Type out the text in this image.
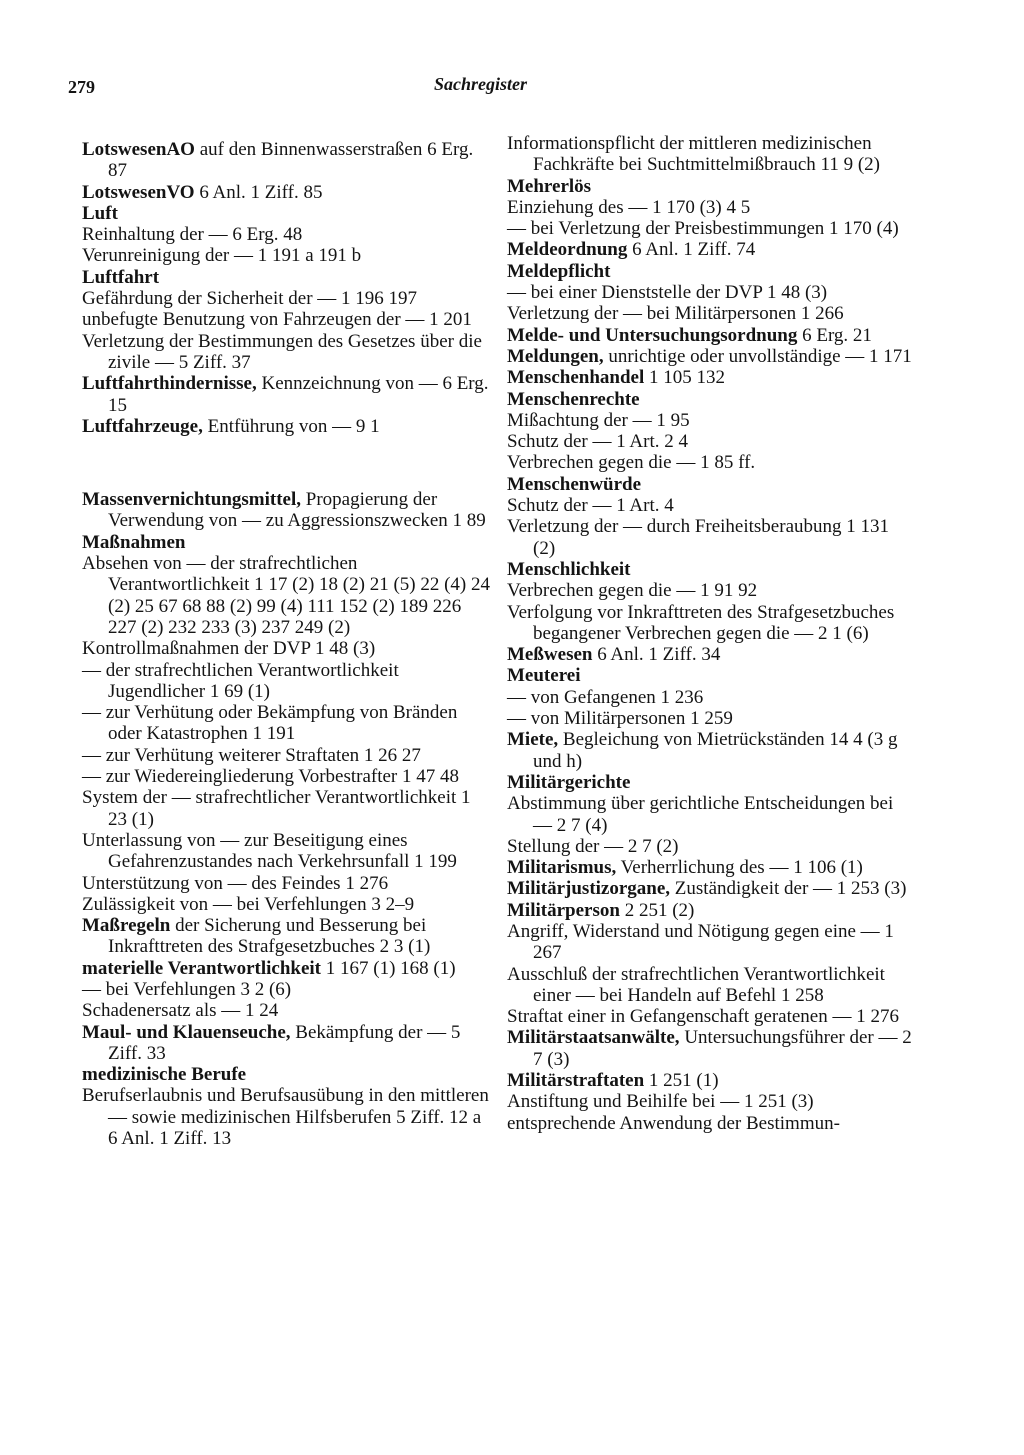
279	Sachregister

LotswesenAO auf den Binnenwasserstraßen 6 Erg. 87

LotswesenVO 6 Anl. 1 Ziff. 85

Luft

Reinhaltung der — 6 Erg. 48

Verunreinigung der — 1 191 a 191 b

Luftfahrt

Gefährdung der Sicherheit der — 1 196 197

unbefugte Benutzung von Fahrzeugen der — 1 201

Verletzung der Bestimmungen des Gesetzes über die zivile — 5 Ziff. 37

Luftfahrthindernisse, Kennzeichnung von — 6 Erg. 15

Luftfahrzeuge, Entführung von — 9 1

Massenvernichtungsmittel, Propagierung der Verwendung von — zu Aggressionszwecken 1 89

Maßnahmen

Absehen von — der strafrechtlichen Verantwortlichkeit 1 17 (2) 18 (2) 21 (5) 22 (4) 24 (2) 25 67 68 88 (2) 99 (4) 111 152 (2) 189 226 227 (2) 232 233 (3) 237 249 (2)

Kontrollmaßnahmen der DVP 1 48 (3)

— der strafrechtlichen Verantwortlichkeit Jugendlicher 1 69 (1)

— zur Verhütung oder Bekämpfung von Bränden oder Katastrophen 1 191

— zur Verhütung weiterer Straftaten 1 26 27

— zur Wiedereingliederung Vorbestrafter 1 47 48

System der — strafrechtlicher Verantwortlichkeit 1 23 (1)

Unterlassung von — zur Beseitigung eines Gefahrenzustandes nach Verkehrsunfall 1 199

Unterstützung von — des Feindes 1 276

Zulässigkeit von — bei Verfehlungen 3 2–9

Maßregeln der Sicherung und Besserung bei Inkrafttreten des Strafgesetzbuches 2 3 (1)

materielle Verantwortlichkeit 1 167 (1) 168 (1)

— bei Verfehlungen 3 2 (6)

Schadenersatz als — 1 24

Maul- und Klauenseuche, Bekämpfung der — 5 Ziff. 33

medizinische Berufe

Berufserlaubnis und Berufsausübung in den mittleren — sowie medizinischen Hilfsberufen 5 Ziff. 12 a 6 Anl. 1 Ziff. 13

Informationspflicht der mittleren medizinischen Fachkräfte bei Suchtmittelmißbrauch 11 9 (2)

Mehrerlös

Einziehung des — 1 170 (3) 4 5

— bei Verletzung der Preisbestimmungen 1 170 (4)

Meldeordnung 6 Anl. 1 Ziff. 74

Meldepflicht

— bei einer Dienststelle der DVP 1 48 (3)

Verletzung der — bei Militärpersonen 1 266

Melde- und Untersuchungsordnung 6 Erg. 21

Meldungen, unrichtige oder unvollständige — 1 171

Menschenhandel 1 105 132

Menschenrechte

Mißachtung der — 1 95

Schutz der — 1 Art. 2 4

Verbrechen gegen die — 1 85 ff.

Menschenwürde

Schutz der — 1 Art. 4

Verletzung der — durch Freiheitsberaubung 1 131 (2)

Menschlichkeit

Verbrechen gegen die — 1 91 92

Verfolgung vor Inkrafttreten des Strafgesetzbuches begangener Verbrechen gegen die — 2 1 (6)

Meßwesen 6 Anl. 1 Ziff. 34

Meuterei

— von Gefangenen 1 236

— von Militärpersonen 1 259

Miete, Begleichung von Mietrückständen 14 4 (3 g und h)

Militärgerichte

Abstimmung über gerichtliche Entscheidungen bei — 2 7 (4)

Stellung der — 2 7 (2)

Militarismus, Verherrlichung des — 1 106 (1)

Militärjustizorgane, Zuständigkeit der — 1 253 (3)

Militärperson 2 251 (2)

Angriff, Widerstand und Nötigung gegen eine — 1 267

Ausschluß der strafrechtlichen Verantwortlichkeit einer — bei Handeln auf Befehl 1 258

Straftat einer in Gefangenschaft geratenen — 1 276

Militärstaatsanwälte, Untersuchungsführer der — 2 7 (3)

Militärstraftaten 1 251 (1)

Anstiftung und Beihilfe bei — 1 251 (3)

entsprechende Anwendung der Bestimmun-
